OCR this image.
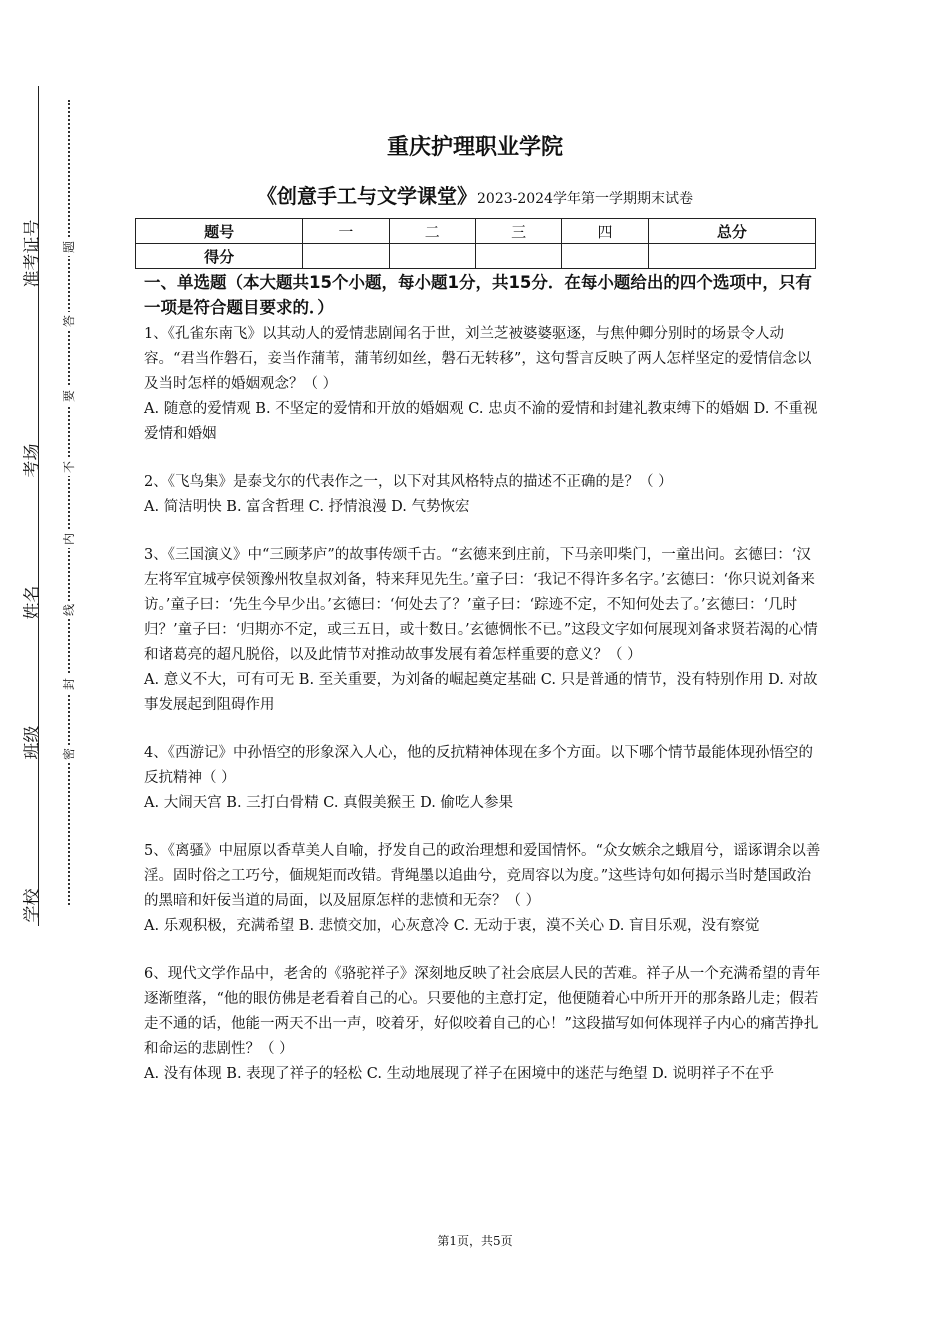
准考证号
考场
姓名
班级
学校
题
答
要
不
内
线
封
密
重庆护理职业学院
《创意手工与文学课堂》2023-2024学年第一学期期末试卷
题号	一	二	三	四	总分
得分					
一、单选题（本大题共15个小题，每小题1分，共15分．在每小题给出的四个选项中，只有一项是符合题目要求的．）

1、《孔雀东南飞》以其动人的爱情悲剧闻名于世，刘兰芝被婆婆驱逐，与焦仲卿分别时的场景令人动容。“君当作磐石，妾当作蒲苇，蒲苇纫如丝，磐石无转移”，这句誓言反映了两人怎样坚定的爱情信念以及当时怎样的婚姻观念？（ ）

A. 随意的爱情观 B. 不坚定的爱情和开放的婚姻观 C. 忠贞不渝的爱情和封建礼教束缚下的婚姻 D. 不重视爱情和婚姻

2、《飞鸟集》是泰戈尔的代表作之一，以下对其风格特点的描述不正确的是？（ ）

A. 简洁明快 B. 富含哲理 C. 抒情浪漫 D. 气势恢宏

3、《三国演义》中“三顾茅庐”的故事传颂千古。“玄德来到庄前，下马亲叩柴门，一童出问。玄德曰：‘汉左将军宜城亭侯领豫州牧皇叔刘备，特来拜见先生。’童子曰：‘我记不得许多名字。’玄德曰：‘你只说刘备来访。’童子曰：‘先生今早少出。’玄德曰：‘何处去了？’童子曰：‘踪迹不定，不知何处去了。’玄德曰：‘几时归？’童子曰：‘归期亦不定，或三五日，或十数日。’玄德惆怅不已。”这段文字如何展现刘备求贤若渴的心情和诸葛亮的超凡脱俗，以及此情节对推动故事发展有着怎样重要的意义？（ ）

A. 意义不大，可有可无 B. 至关重要，为刘备的崛起奠定基础 C. 只是普通的情节，没有特别作用 D. 对故事发展起到阻碍作用

4、《西游记》中孙悟空的形象深入人心，他的反抗精神体现在多个方面。以下哪个情节最能体现孙悟空的反抗精神（ ）

A. 大闹天宫 B. 三打白骨精 C. 真假美猴王 D. 偷吃人参果

5、《离骚》中屈原以香草美人自喻，抒发自己的政治理想和爱国情怀。“众女嫉余之蛾眉兮，谣诼谓余以善淫。固时俗之工巧兮，偭规矩而改错。背绳墨以追曲兮，竞周容以为度。”这些诗句如何揭示当时楚国政治的黑暗和奸佞当道的局面，以及屈原怎样的悲愤和无奈？（ ）

A. 乐观积极，充满希望 B. 悲愤交加，心灰意冷 C. 无动于衷，漠不关心 D. 盲目乐观，没有察觉

6、现代文学作品中，老舍的《骆驼祥子》深刻地反映了社会底层人民的苦难。祥子从一个充满希望的青年逐渐堕落，“他的眼仿佛是老看着自己的心。只要他的主意打定，他便随着心中所开开的那条路儿走；假若走不通的话，他能一两天不出一声，咬着牙，好似咬着自己的心！”这段描写如何体现祥子内心的痛苦挣扎和命运的悲剧性？（ ）

A. 没有体现 B. 表现了祥子的轻松 C. 生动地展现了祥子在困境中的迷茫与绝望 D. 说明祥子不在乎

第1页，共5页
